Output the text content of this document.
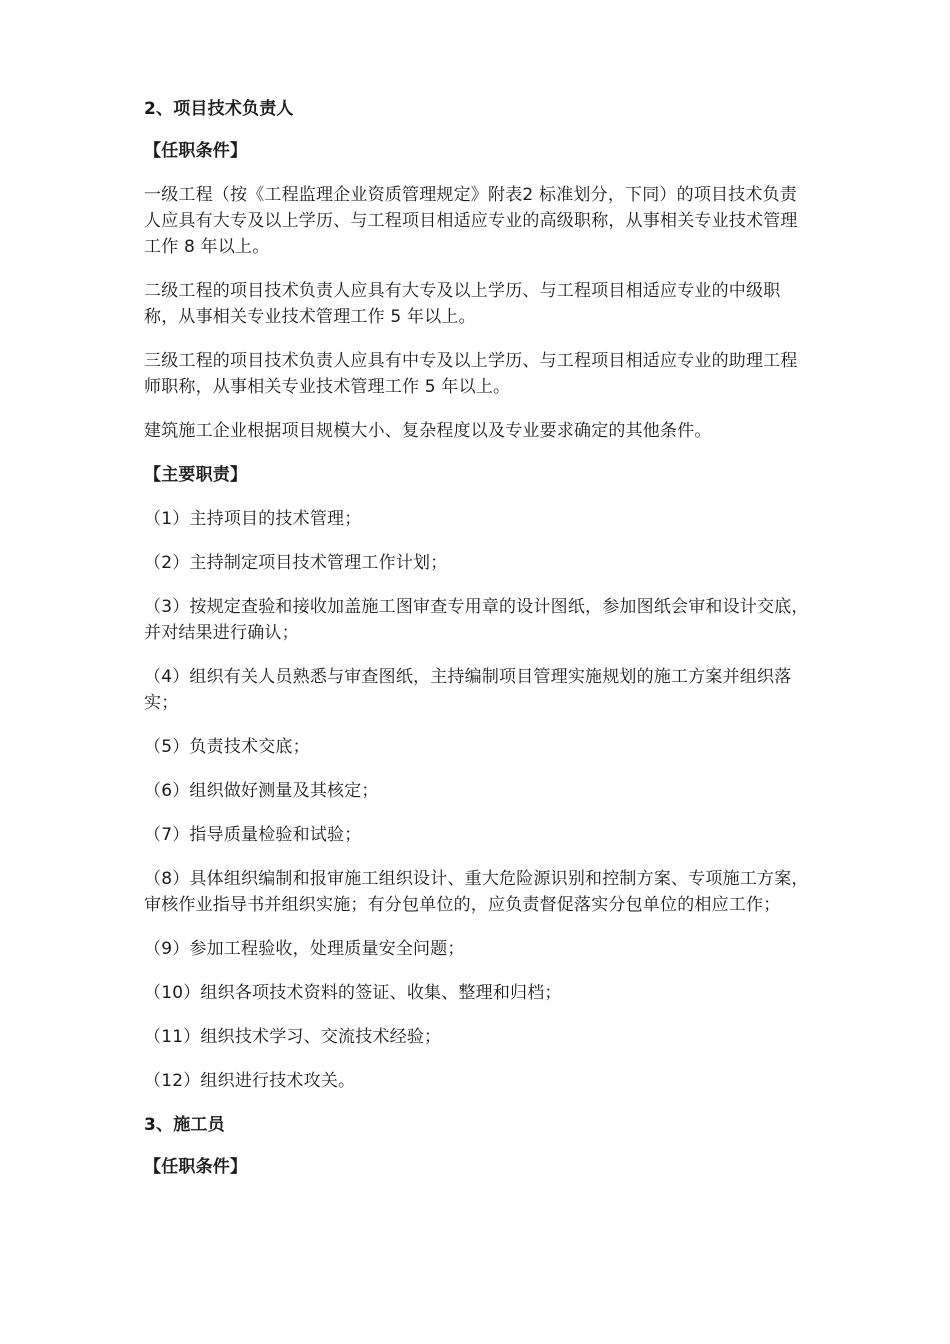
2、项目技术负责人

【任职条件】

一级工程（按《工程监理企业资质管理规定》附表2 标准划分，下同）的项目技术负责人应具有大专及以上学历、与工程项目相适应专业的高级职称，从事相关专业技术管理工作 8 年以上。

二级工程的项目技术负责人应具有大专及以上学历、与工程项目相适应专业的中级职称，从事相关专业技术管理工作 5 年以上。

三级工程的项目技术负责人应具有中专及以上学历、与工程项目相适应专业的助理工程师职称，从事相关专业技术管理工作 5 年以上。

建筑施工企业根据项目规模大小、复杂程度以及专业要求确定的其他条件。

【主要职责】

（1）主持项目的技术管理；

（2）主持制定项目技术管理工作计划；

（3）按规定查验和接收加盖施工图审查专用章的设计图纸，参加图纸会审和设计交底，并对结果进行确认；

（4）组织有关人员熟悉与审查图纸，主持编制项目管理实施规划的施工方案并组织落实；

（5）负责技术交底；

（6）组织做好测量及其核定；

（7）指导质量检验和试验；

（8）具体组织编制和报审施工组织设计、重大危险源识别和控制方案、专项施工方案，审核作业指导书并组织实施；有分包单位的，应负责督促落实分包单位的相应工作；

（9）参加工程验收，处理质量安全问题；

（10）组织各项技术资料的签证、收集、整理和归档；

（11）组织技术学习、交流技术经验；

（12）组织进行技术攻关。

3、施工员

【任职条件】
